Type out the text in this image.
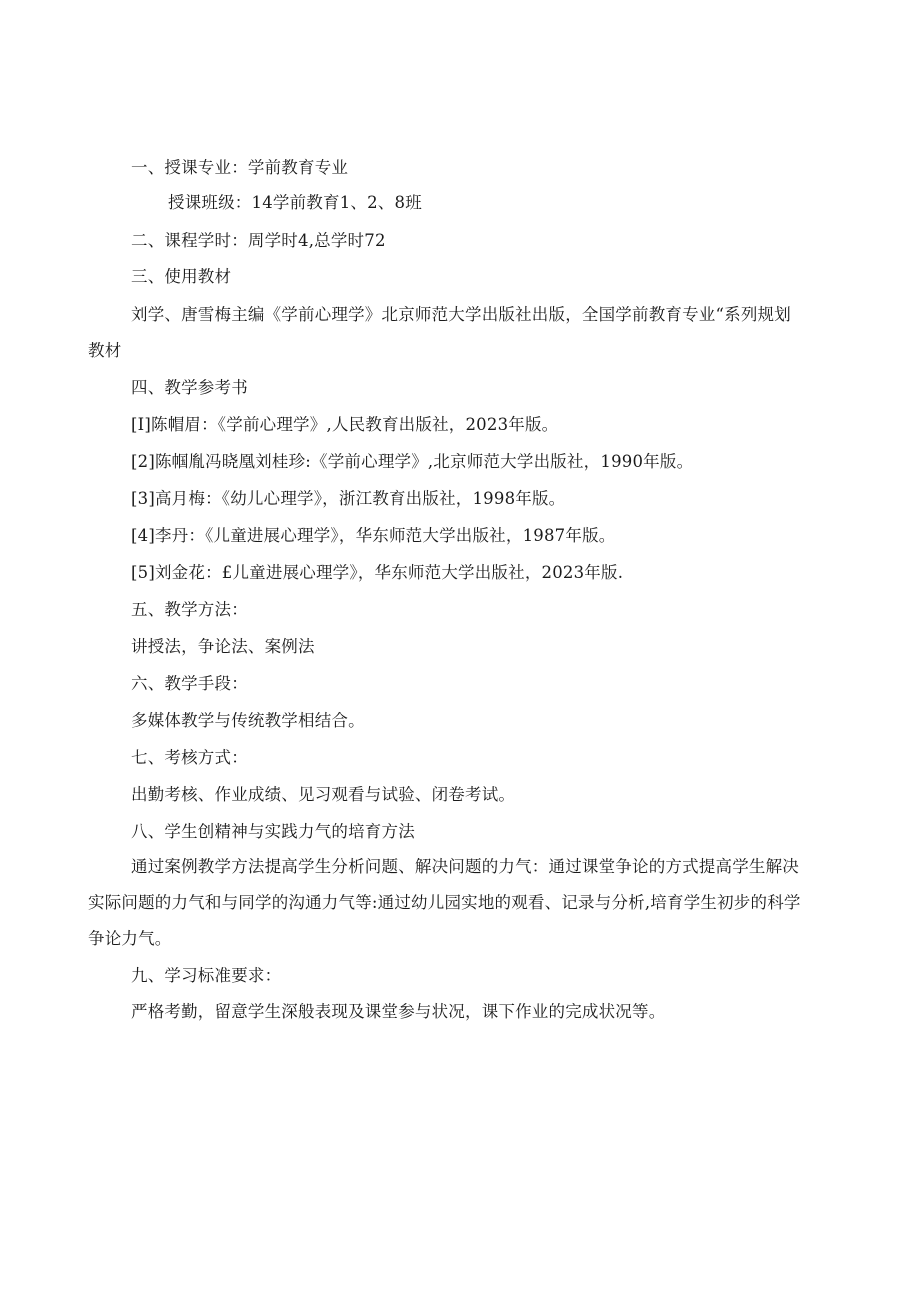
一、授课专业：学前教育专业
授课班级：14学前教育1、2、8班
二、课程学时：周学时4,总学时72
三、使用教材
刘学、唐雪梅主编《学前心理学》北京师范大学出版社出版，全国学前教育专业“系列规划
教材
四、教学参考书
[I]陈帽眉：《学前心理学》,人民教育出版社，2023年版。
[2]陈帼胤冯晓凰刘桂珍:《学前心理学》,北京师范大学出版社，1990年版。
[3]高月梅：《幼儿心理学》，浙江教育出版社，1998年版。
[4]李丹：《儿童进展心理学》，华东师范大学出版社，1987年版。
[5]刘金花：£儿童进展心理学》，华东师范大学出版社，2023年版.
五、教学方法：
讲授法，争论法、案例法
六、教学手段：
多媒体教学与传统教学相结合。
七、考核方式：
出勤考核、作业成绩、见习观看与试验、闭卷考试。
八、学生创精神与实践力气的培育方法
通过案例教学方法提高学生分析问题、解决问题的力气：通过课堂争论的方式提高学生解决
实际问题的力气和与同学的沟通力气等:通过幼儿园实地的观看、记录与分析,培育学生初步的科学
争论力气。
九、学习标准要求：
严格考勤，留意学生深般表现及课堂参与状况，课下作业的完成状况等。
